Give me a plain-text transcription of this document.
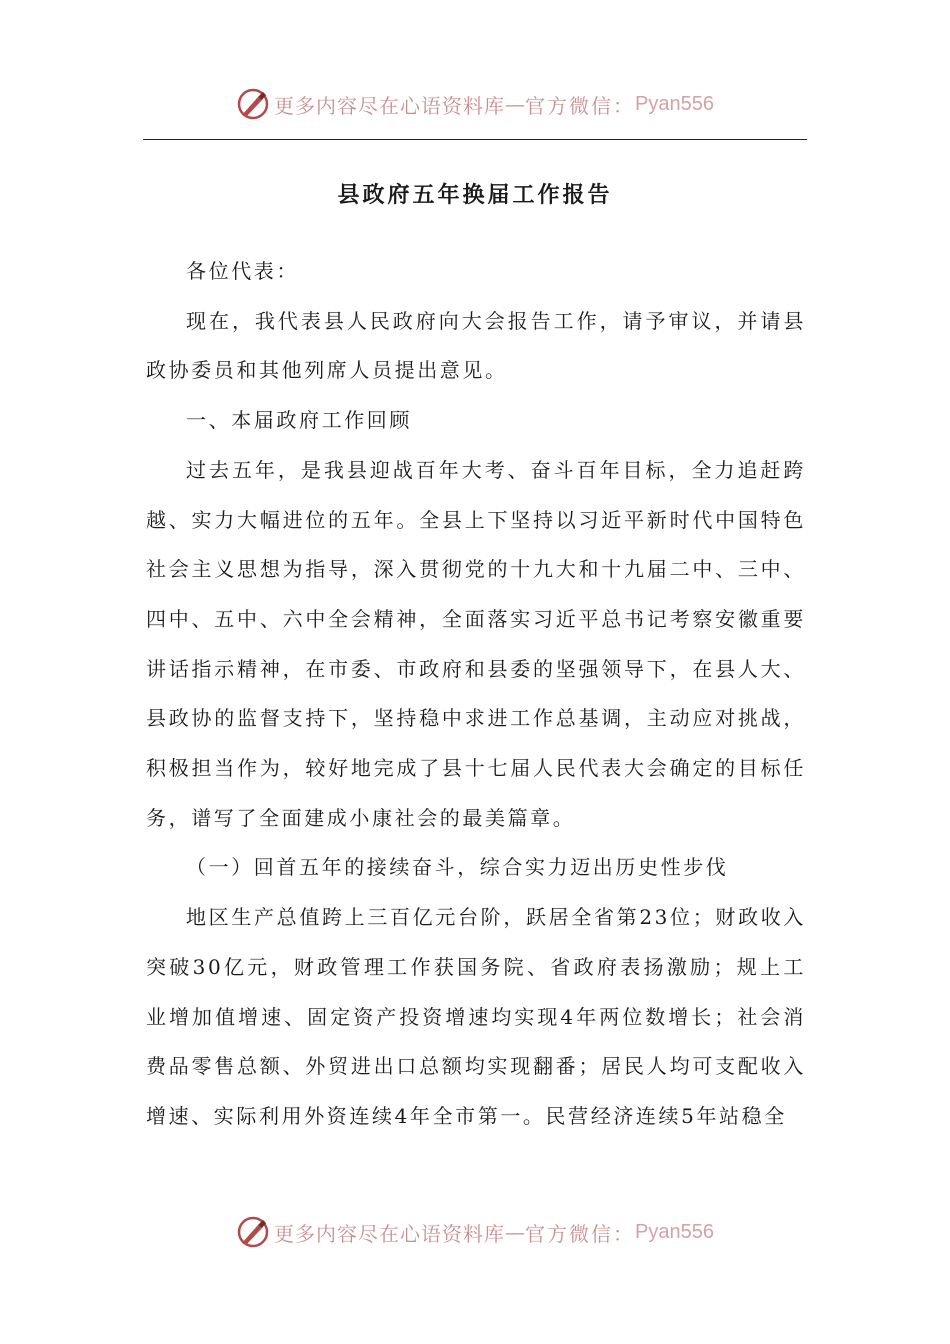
更多内容尽在心语资料库 — 官方微信： Pyan556
县政府五年换届工作报告

各位代表：

现在，我代表县人民政府向大会报告工作，请予审议，并请县政协委员和其他列席人员提出意见。

一、本届政府工作回顾

过去五年，是我县迎战百年大考、奋斗百年目标，全力追赶跨越、实力大幅进位的五年。全县上下坚持以习近平新时代中国特色社会主义思想为指导，深入贯彻党的十九大和十九届二中、三中、四中、五中、六中全会精神，全面落实习近平总书记考察安徽重要讲话指示精神，在市委、市政府和县委的坚强领导下，在县人大、县政协的监督支持下，坚持稳中求进工作总基调，主动应对挑战，积极担当作为，较好地完成了县十七届人民代表大会确定的目标任务，谱写了全面建成小康社会的最美篇章。

（一）回首五年的接续奋斗，综合实力迈出历史性步伐

地区生产总值跨上三百亿元台阶，跃居全省第23位；财政收入突破30亿元，财政管理工作获国务院、省政府表扬激励；规上工业增加值增速、固定资产投资增速均实现4年两位数增长；社会消费品零售总额、外贸进出口总额均实现翻番；居民人均可支配收入增速、实际利用外资连续4年全市第一。民营经济连续5年站稳全

更多内容尽在心语资料库 — 官方微信： Pyan556
